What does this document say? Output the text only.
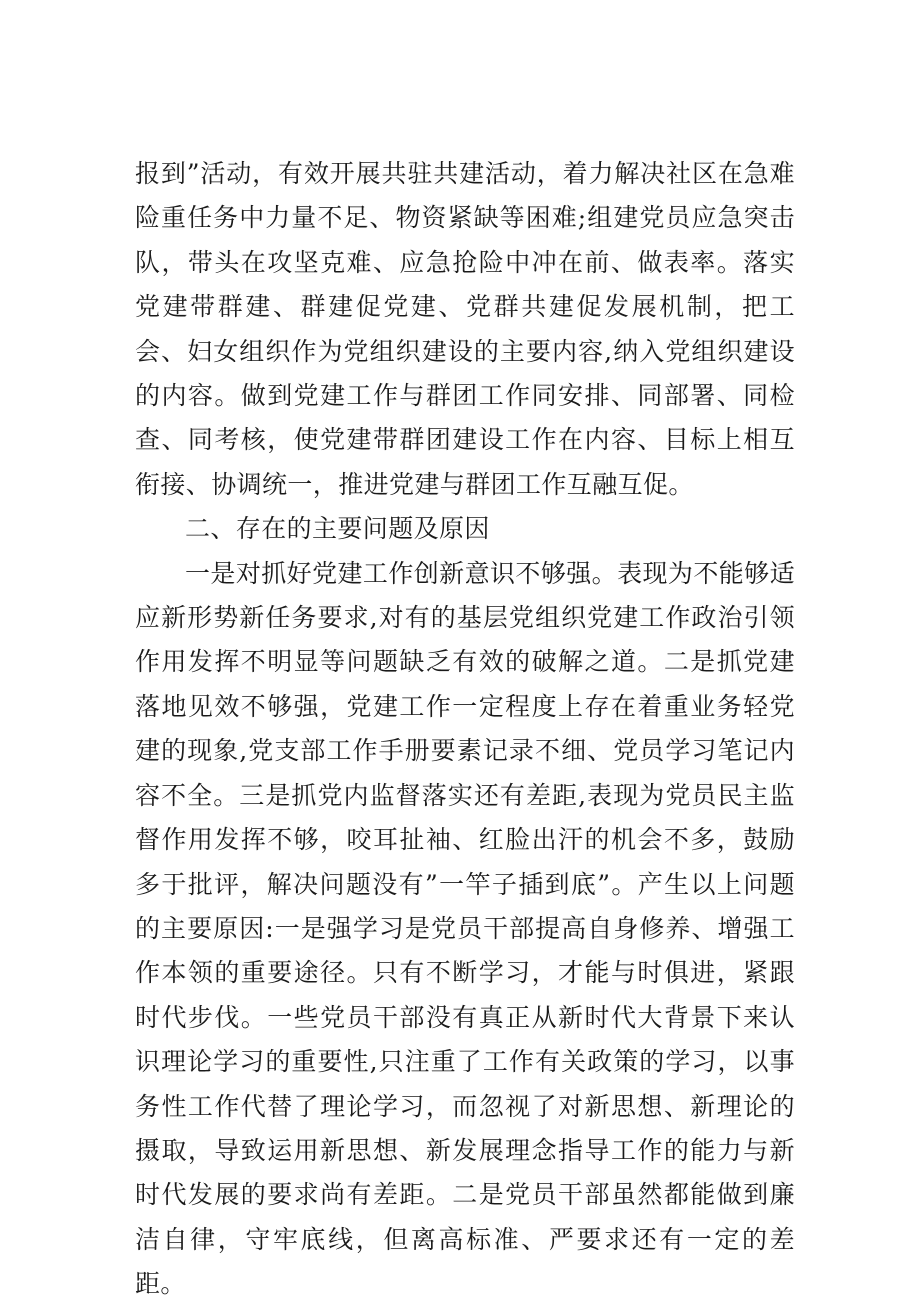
报到”活动，有效开展共驻共建活动，着力解决社区在急难险重任务中力量不足、物资紧缺等困难;组建党员应急突击队，带头在攻坚克难、应急抢险中冲在前、做表率。落实党建带群建、群建促党建、党群共建促发展机制，把工会、妇女组织作为党组织建设的主要内容,纳入党组织建设的内容。做到党建工作与群团工作同安排、同部署、同检查、同考核，使党建带群团建设工作在内容、目标上相互衔接、协调统一，推进党建与群团工作互融互促。

二、存在的主要问题及原因

一是对抓好党建工作创新意识不够强。表现为不能够适应新形势新任务要求,对有的基层党组织党建工作政治引领作用发挥不明显等问题缺乏有效的破解之道。二是抓党建落地见效不够强，党建工作一定程度上存在着重业务轻党建的现象,党支部工作手册要素记录不细、党员学习笔记内容不全。三是抓党内监督落实还有差距,表现为党员民主监督作用发挥不够，咬耳扯袖、红脸出汗的机会不多，鼓励多于批评，解决问题没有”一竿子插到底”。产生以上问题的主要原因:一是强学习是党员干部提高自身修养、增强工作本领的重要途径。只有不断学习，才能与时俱进，紧跟时代步伐。一些党员干部没有真正从新时代大背景下来认识理论学习的重要性,只注重了工作有关政策的学习，以事务性工作代替了理论学习，而忽视了对新思想、新理论的摄取，导致运用新思想、新发展理念指导工作的能力与新时代发展的要求尚有差距。二是党员干部虽然都能做到廉洁自律，守牢底线，但离高标准、严要求还有一定的差距。
